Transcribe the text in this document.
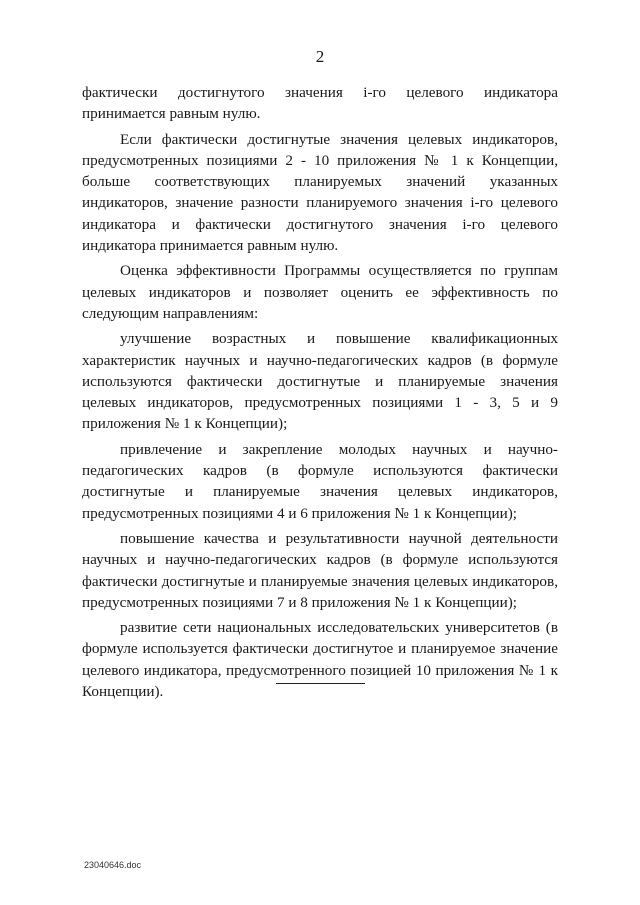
2

фактически достигнутого значения i-го целевого индикатора принимается равным нулю.

Если фактически достигнутые значения целевых индикаторов, предусмотренных позициями 2 - 10 приложения № 1 к Концепции, больше соответствующих планируемых значений указанных индикаторов, значение разности планируемого значения i-го целевого индикатора и фактически достигнутого значения i-го целевого индикатора принимается равным нулю.

Оценка эффективности Программы осуществляется по группам целевых индикаторов и позволяет оценить ее эффективность по следующим направлениям:

улучшение возрастных и повышение квалификационных характеристик научных и научно-педагогических кадров (в формуле используются фактически достигнутые и планируемые значения целевых индикаторов, предусмотренных позициями 1 - 3, 5 и 9 приложения № 1 к Концепции);

привлечение и закрепление молодых научных и научно-педагогических кадров (в формуле используются фактически достигнутые и планируемые значения целевых индикаторов, предусмотренных позициями 4 и 6 приложения № 1 к Концепции);

повышение качества и результативности научной деятельности научных и научно-педагогических кадров (в формуле используются фактически достигнутые и планируемые значения целевых индикаторов, предусмотренных позициями 7 и 8 приложения № 1 к Концепции);

развитие сети национальных исследовательских университетов (в формуле используется фактически достигнутое и планируемое значение целевого индикатора, предусмотренного позицией 10 приложения № 1 к Концепции).

23040646.doc
